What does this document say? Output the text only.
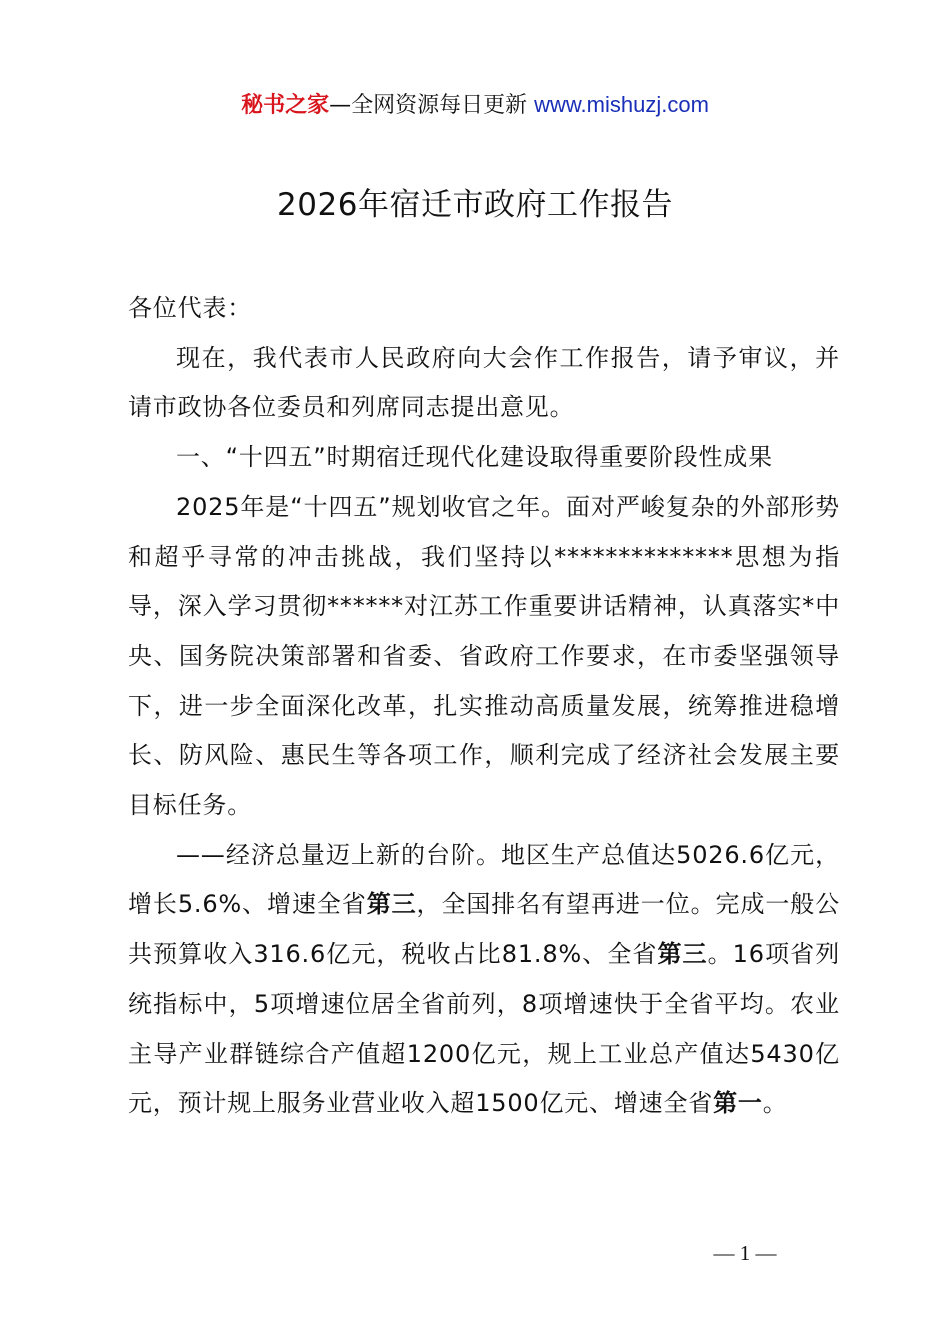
秘书之家—全网资源每日更新 www.mishuzj.com
2026年宿迁市政府工作报告

各位代表：

现在，我代表市人民政府向大会作工作报告，请予审议，并请市政协各位委员和列席同志提出意见。

一、“十四五”时期宿迁现代化建设取得重要阶段性成果

2025年是“十四五”规划收官之年。面对严峻复杂的外部形势和超乎寻常的冲击挑战，我们坚持以**************思想为指导，深入学习贯彻******对江苏工作重要讲话精神，认真落实*中央、国务院决策部署和省委、省政府工作要求，在市委坚强领导下，进一步全面深化改革，扎实推动高质量发展，统筹推进稳增长、防风险、惠民生等各项工作，顺利完成了经济社会发展主要目标任务。

——经济总量迈上新的台阶。地区生产总值达5026.6亿元，增长5.6%、增速全省第三，全国排名有望再进一位。完成一般公共预算收入316.6亿元，税收占比81.8%、全省第三。16项省列统指标中，5项增速位居全省前列，8项增速快于全省平均。农业主导产业群链综合产值超1200亿元，规上工业总产值达5430亿元，预计规上服务业营业收入超1500亿元、增速全省第一。

— 1 —
